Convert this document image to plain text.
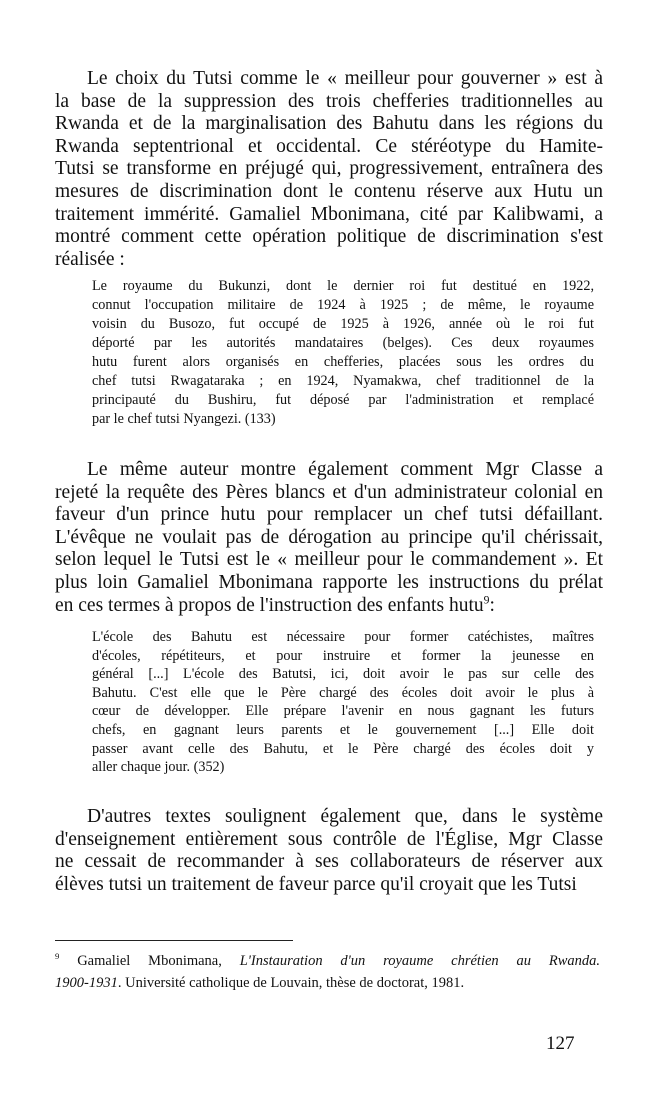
Le choix du Tutsi comme le « meilleur pour gouverner » est à
la base de la suppression des trois chefferies traditionnelles au
Rwanda et de la marginalisation des Bahutu dans les régions du
Rwanda septentrional et occidental. Ce stéréotype du Hamite-
Tutsi se transforme en préjugé qui, progressivement, entraînera des
mesures de discrimination dont le contenu réserve aux Hutu un
traitement immérité. Gamaliel Mbonimana, cité par Kalibwami, a
montré comment cette opération politique de discrimination s'est
réalisée :
Le royaume du Bukunzi, dont le dernier roi fut destitué en 1922,
connut l'occupation militaire de 1924 à 1925 ; de même, le royaume
voisin du Busozo, fut occupé de 1925 à 1926, année où le roi fut
déporté par les autorités mandataires (belges). Ces deux royaumes
hutu furent alors organisés en chefferies, placées sous les ordres du
chef tutsi Rwagataraka ; en 1924, Nyamakwa, chef traditionnel de la
principauté du Bushiru, fut déposé par l'administration et remplacé
par le chef tutsi Nyangezi. (133)
Le même auteur montre également comment Mgr Classe a
rejeté la requête des Pères blancs et d'un administrateur colonial en
faveur d'un prince hutu pour remplacer un chef tutsi défaillant.
L'évêque ne voulait pas de dérogation au principe qu'il chérissait,
selon lequel le Tutsi est le « meilleur pour le commandement ». Et
plus loin Gamaliel Mbonimana rapporte les instructions du prélat
en ces termes à propos de l'instruction des enfants hutu$^9$:
L'école des Bahutu est nécessaire pour former catéchistes, maîtres
d'écoles, répétiteurs, et pour instruire et former la jeunesse en
général [...] L'école des Batutsi, ici, doit avoir le pas sur celle des
Bahutu. C'est elle que le Père chargé des écoles doit avoir le plus à
cœur de développer. Elle prépare l'avenir en nous gagnant les futurs
chefs, en gagnant leurs parents et le gouvernement [...] Elle doit
passer avant celle des Bahutu, et le Père chargé des écoles doit y
aller chaque jour. (352)
D'autres textes soulignent également que, dans le système
d'enseignement entièrement sous contrôle de l'Église, Mgr Classe
ne cessait de recommander à ses collaborateurs de réserver aux
élèves tutsi un traitement de faveur parce qu'il croyait que les Tutsi
$^9$ Gamaliel Mbonimana, L'Instauration d'un royaume chrétien au Rwanda.
1900-1931. Université catholique de Louvain, thèse de doctorat, 1981.
127
